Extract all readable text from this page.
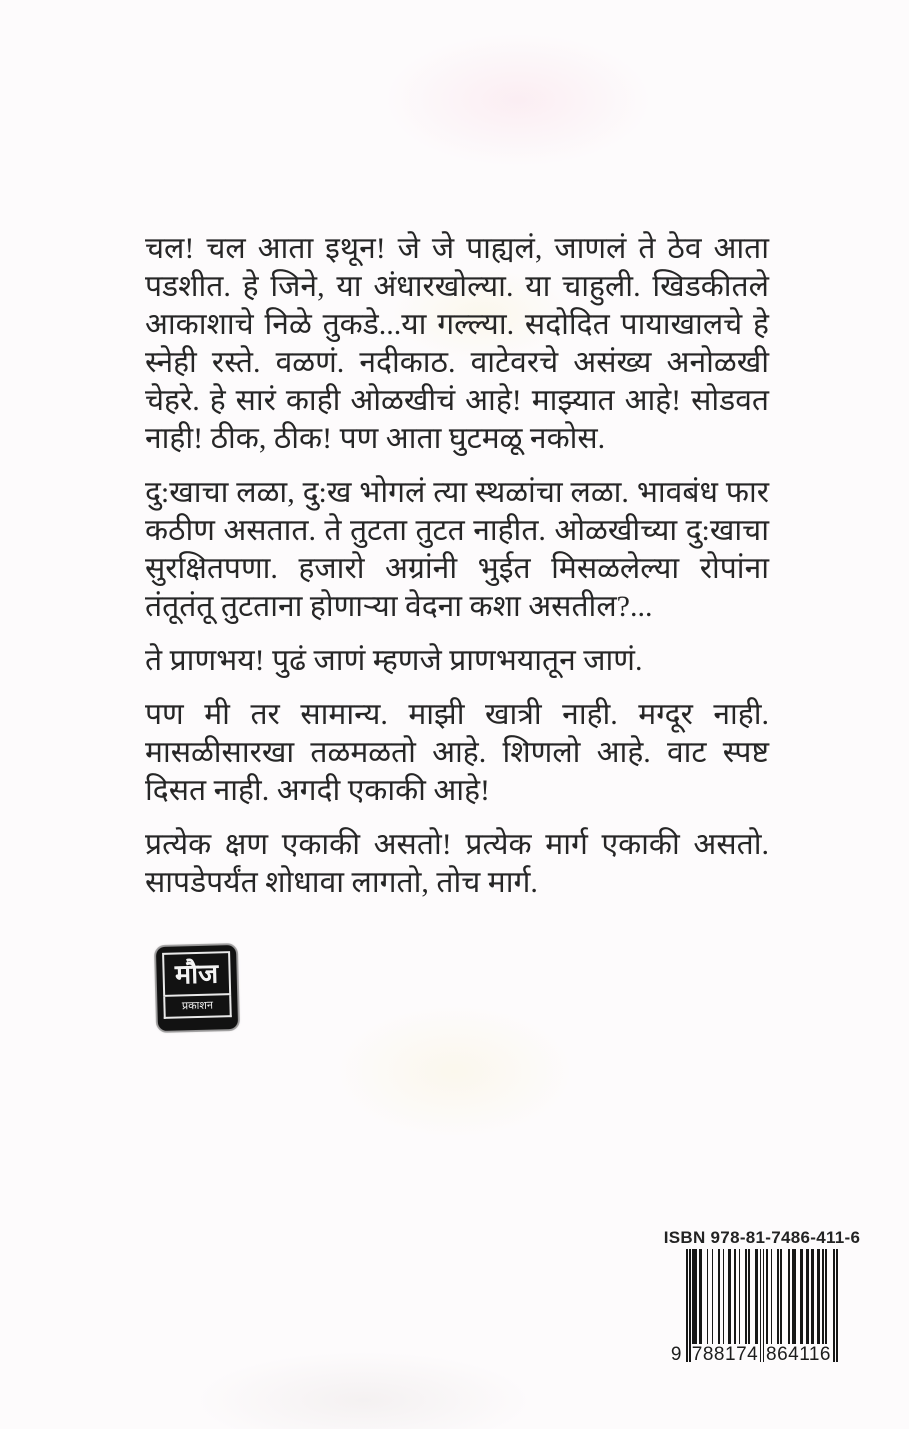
चल! चल आता इथून! जे जे पाह्यलं, जाणलं ते ठेव आता पडशीत. हे जिने, या अंधारखोल्या. या चाहुली. खिडकीतले आकाशाचे निळे तुकडे...या गल्ल्या. सदोदित पायाखालचे हे स्नेही रस्ते. वळणं. नदीकाठ. वाटेवरचे असंख्य अनोळखी चेहरे. हे सारं काही ओळखीचं आहे! माझ्यात आहे! सोडवत नाही! ठीक, ठीक! पण आता घुटमळू नकोस.

दु:खाचा लळा, दु:ख भोगलं त्या स्थळांचा लळा. भावबंध फार कठीण असतात. ते तुटता तुटत नाहीत. ओळखीच्या दु:खाचा सुरक्षितपणा. हजारो अग्रांनी भुईत मिसळलेल्या रोपांना तंतूतंतू तुटताना होणाऱ्या वेदना कशा असतील?...

ते प्राणभय! पुढं जाणं म्हणजे प्राणभयातून जाणं.

पण मी तर सामान्य. माझी खात्री नाही. मग्दूर नाही. मासळीसारखा तळमळतो आहे. शिणलो आहे. वाट स्पष्ट दिसत नाही. अगदी एकाकी आहे!

प्रत्येक क्षण एकाकी असतो! प्रत्येक मार्ग एकाकी असतो. सापडेपर्यंत शोधावा लागतो, तोच मार्ग.

मौज
प्रकाशन
ISBN 978-81-7486-411-6
9 788174 864116
